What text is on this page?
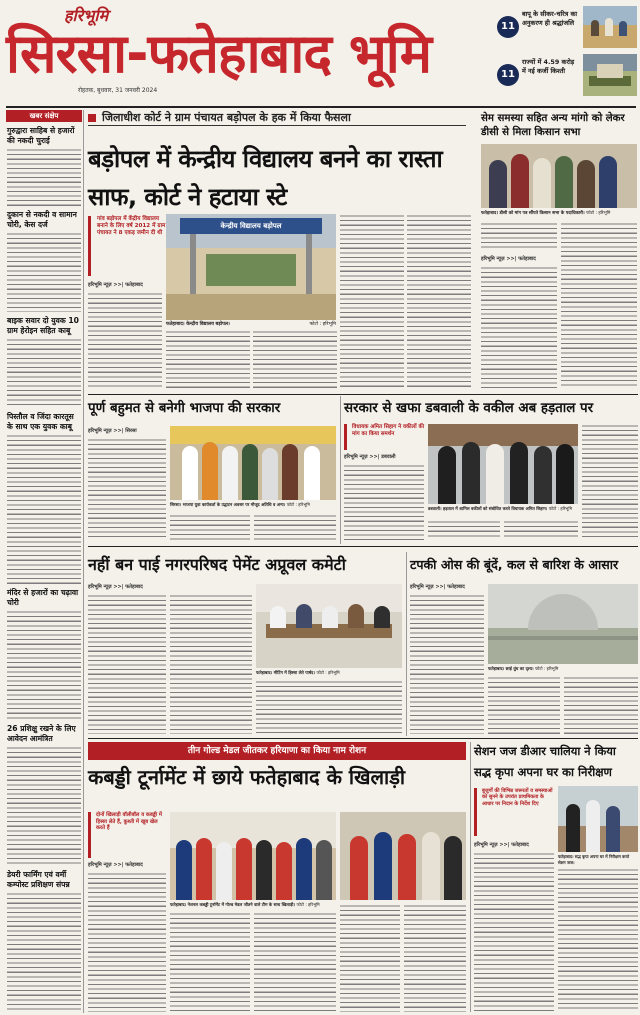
हरिभूमि
सिरसा-फतेहाबाद भूमि
रोहतक, बुधवार, 31 जनवरी 2024
11
बापू के सीकर-चरित्र का अनुकरण ही श्रद्धांजलि
11
राज्यों में 4.59 करोड़ में नई कर्जी किश्ती
खबर संक्षेप
गुरुद्वारा साहिब से हजारों की नकदी चुराई
दुकान से नकदी व सामान चोरी, केस दर्ज
बाइक सवार दो युवक 10 ग्राम हेरोइन सहित काबू
पिस्तौल व जिंदा कारतूस के साथ एक युवक काबू
मंदिर से हजारों का चढ़ावा चोरी
26 प्रशिक्षु रखने के लिए आवेदन आमंत्रित
डेयरी फार्मिंग एवं वर्मी कम्पोस्ट प्रशिक्षण संपन्न
जिलाधीश कोर्ट ने ग्राम पंचायत बड़ोपल के हक में किया फैसला
बड़ोपल में केन्द्रीय विद्यालय बनने का रास्ता साफ, कोर्ट ने हटाया स्टे
गांव बड़ोपल में केंद्रीय विद्यालय बनाने के लिए वर्ष 2012 में ग्राम पंचायत ने 8 एकड़ जमीन दी थी
हरिभूमि न्यूज़ >>| फतेहाबाद
केन्द्रीय विद्यालय बड़ोपल
फतेहाबाद। केन्द्रीय विद्यालय बड़ोपल।	फोटो : हरिभूमि
सेम समस्या सहित अन्य मांगो को लेकर डीसी से मिला किसान सभा
फतेहाबाद। डीसी को मांग पत्र सौंपते किसान सभा के पदाधिकारी। फोटो : हरिभूमि
हरिभूमि न्यूज़ >>| फतेहाबाद
पूर्ण बहुमत से बनेगी भाजपा की सरकार
हरिभूमि न्यूज़ >>| सिरसा
सिरसा। भाजपा युवा कार्यकर्ता के उद्घाटन अवसर पर मौजूद अतिथि व अन्य। फोटो : हरिभूमि
सरकार से खफा डबवाली के वकील अब हड़ताल पर
विधायक अमित सिहाग ने वकीलों की मांग का किया समर्थन
हरिभूमि न्यूज़ >>| डबवाली
डबवाली। हड़ताल में शामिल वकीलों को संबोधित करते विधायक अमित सिहाग। फोटो : हरिभूमि
नहीं बन पाई नगरपरिषद पेमेंट अप्रूवल कमेटी
हरिभूमि न्यूज़ >>| फतेहाबाद
फतेहाबाद। मीटिंग में हिस्सा लेते पार्षद। फोटो : हरिभूमि
टपकी ओस की बूंदें, कल से बारिश के आसार
हरिभूमि न्यूज़ >>| फतेहाबाद
फतेहाबाद। छाई धुंध का दृश्य। फोटो : हरिभूमि
तीन गोल्ड मेडल जीतकर हरियाणा का किया नाम रोशन
कबड्डी टूर्नामेंट में छाये फतेहाबाद के खिलाड़ी
दोनों खिलाड़ी वॉलीबॉल व कबड्डी में हिस्सा लेते हैं, कुश्ती में खूब खेल करते हैं
फतेहाबाद। नेशनल कबड्डी टूर्नामेंट में गोल्ड मेडल जीतने वाले टीम के साथ खिलाड़ी। फोटो : हरिभूमि
हरिभूमि न्यूज़ >>| फतेहाबाद
सेशन जज डीआर चालिया ने किया
सद्भ कृपा अपना घर का निरीक्षण
बुजुर्गों की विभिन्न जरूरतों व समस्याओं को सुनने के उपरांत प्राथमिकता के आधार पर निदान के निर्देश दिए
हरिभूमि न्यूज़ >>| फतेहाबाद
फतेहाबाद। सद्भ कृपा अपना घर में निरीक्षण करते सेशन जज।
